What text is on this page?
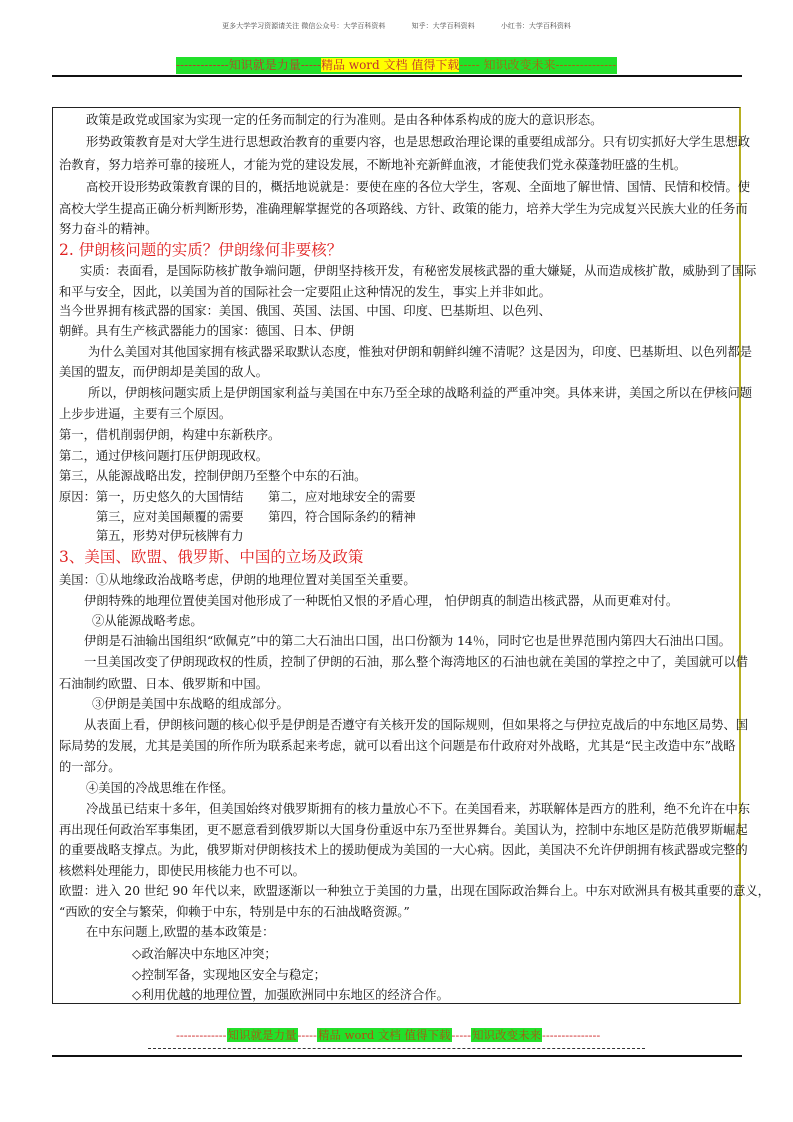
更多大学学习资源请关注 微信公众号：大学百科资料	知乎：大学百科资料	小红书：大学百科资料
-------------知识就是力量-----精品 word 文档 值得下载----- 知识改变未来---------------
政策是政党或国家为实现一定的任务而制定的行为准则。是由各种体系构成的庞大的意识形态。
形势政策教育是对大学生进行思想政治教育的重要内容，也是思想政治理论课的重要组成部分。只有切实抓好大学生思想政
治教育，努力培养可靠的接班人，才能为党的建设发展，不断地补充新鲜血液，才能使我们党永葆蓬勃旺盛的生机。
高校开设形势政策教育课的目的，概括地说就是：要使在座的各位大学生，客观、全面地了解世情、国情、民情和校情。使
高校大学生提高正确分析判断形势，准确理解掌握党的各项路线、方针、政策的能力，培养大学生为完成复兴民族大业的任务而
努力奋斗的精神。
2. 伊朗核问题的实质？伊朗缘何非要核？
实质：表面看，是国际防核扩散争端问题，伊朗坚持核开发，有秘密发展核武器的重大嫌疑，从而造成核扩散，威胁到了国际
和平与安全，因此，以美国为首的国际社会一定要阻止这种情况的发生，事实上并非如此。
当今世界拥有核武器的国家：美国、俄国、英国、法国、中国、印度、巴基斯坦、以色列、
朝鲜。具有生产核武器能力的国家：德国、日本、伊朗
为什么美国对其他国家拥有核武器采取默认态度，惟独对伊朗和朝鲜纠缠不清呢？这是因为，印度、巴基斯坦、以色列都是
美国的盟友，而伊朗却是美国的敌人。
所以，伊朗核问题实质上是伊朗国家利益与美国在中东乃至全球的战略利益的严重冲突。具体来讲，美国之所以在伊核问题
上步步进逼，主要有三个原因。
第一，借机削弱伊朗，构建中东新秩序。
第二，通过伊核问题打压伊朗现政权。
第三，从能源战略出发，控制伊朗乃至整个中东的石油。
原因：第一，历史悠久的大国情结　　第二，应对地球安全的需要
第三，应对美国颠覆的需要　　第四，符合国际条约的精神
第五，形势对伊玩核牌有力
3、美国、欧盟、俄罗斯、中国的立场及政策
美国：①从地缘政治战略考虑，伊朗的地理位置对美国至关重要。
伊朗特殊的地理位置使美国对他形成了一种既怕又恨的矛盾心理， 怕伊朗真的制造出核武器，从而更难对付。
②从能源战略考虑。
伊朗是石油输出国组织“欧佩克”中的第二大石油出口国，出口份额为 14％，同时它也是世界范围内第四大石油出口国。
一旦美国改变了伊朗现政权的性质，控制了伊朗的石油，那么整个海湾地区的石油也就在美国的掌控之中了，美国就可以借
石油制约欧盟、日本、俄罗斯和中国。
③伊朗是美国中东战略的组成部分。
从表面上看，伊朗核问题的核心似乎是伊朗是否遵守有关核开发的国际规则，但如果将之与伊拉克战后的中东地区局势、国
际局势的发展，尤其是美国的所作所为联系起来考虑，就可以看出这个问题是布什政府对外战略，尤其是“民主改造中东”战略
的一部分。
④美国的冷战思维在作怪。
冷战虽已结束十多年，但美国始终对俄罗斯拥有的核力量放心不下。在美国看来，苏联解体是西方的胜利，绝不允许在中东
再出现任何政治军事集团，更不愿意看到俄罗斯以大国身份重返中东乃至世界舞台。美国认为，控制中东地区是防范俄罗斯崛起
的重要战略支撑点。为此，俄罗斯对伊朗核技术上的援助便成为美国的一大心病。因此，美国决不允许伊朗拥有核武器或完整的
核燃料处理能力，即使民用核能力也不可以。
欧盟：进入 20 世纪 90 年代以来，欧盟逐渐以一种独立于美国的力量，出现在国际政治舞台上。中东对欧洲具有极其重要的意义，
“西欧的安全与繁荣，仰赖于中东，特别是中东的石油战略资源。”
在中东问题上,欧盟的基本政策是：
◇政治解决中东地区冲突；
◇控制军备，实现地区安全与稳定；
◇利用优越的地理位置，加强欧洲同中东地区的经济合作。
-------------知识就是力量-----精品 word 文档 值得下载-----知识改变未来---------------
